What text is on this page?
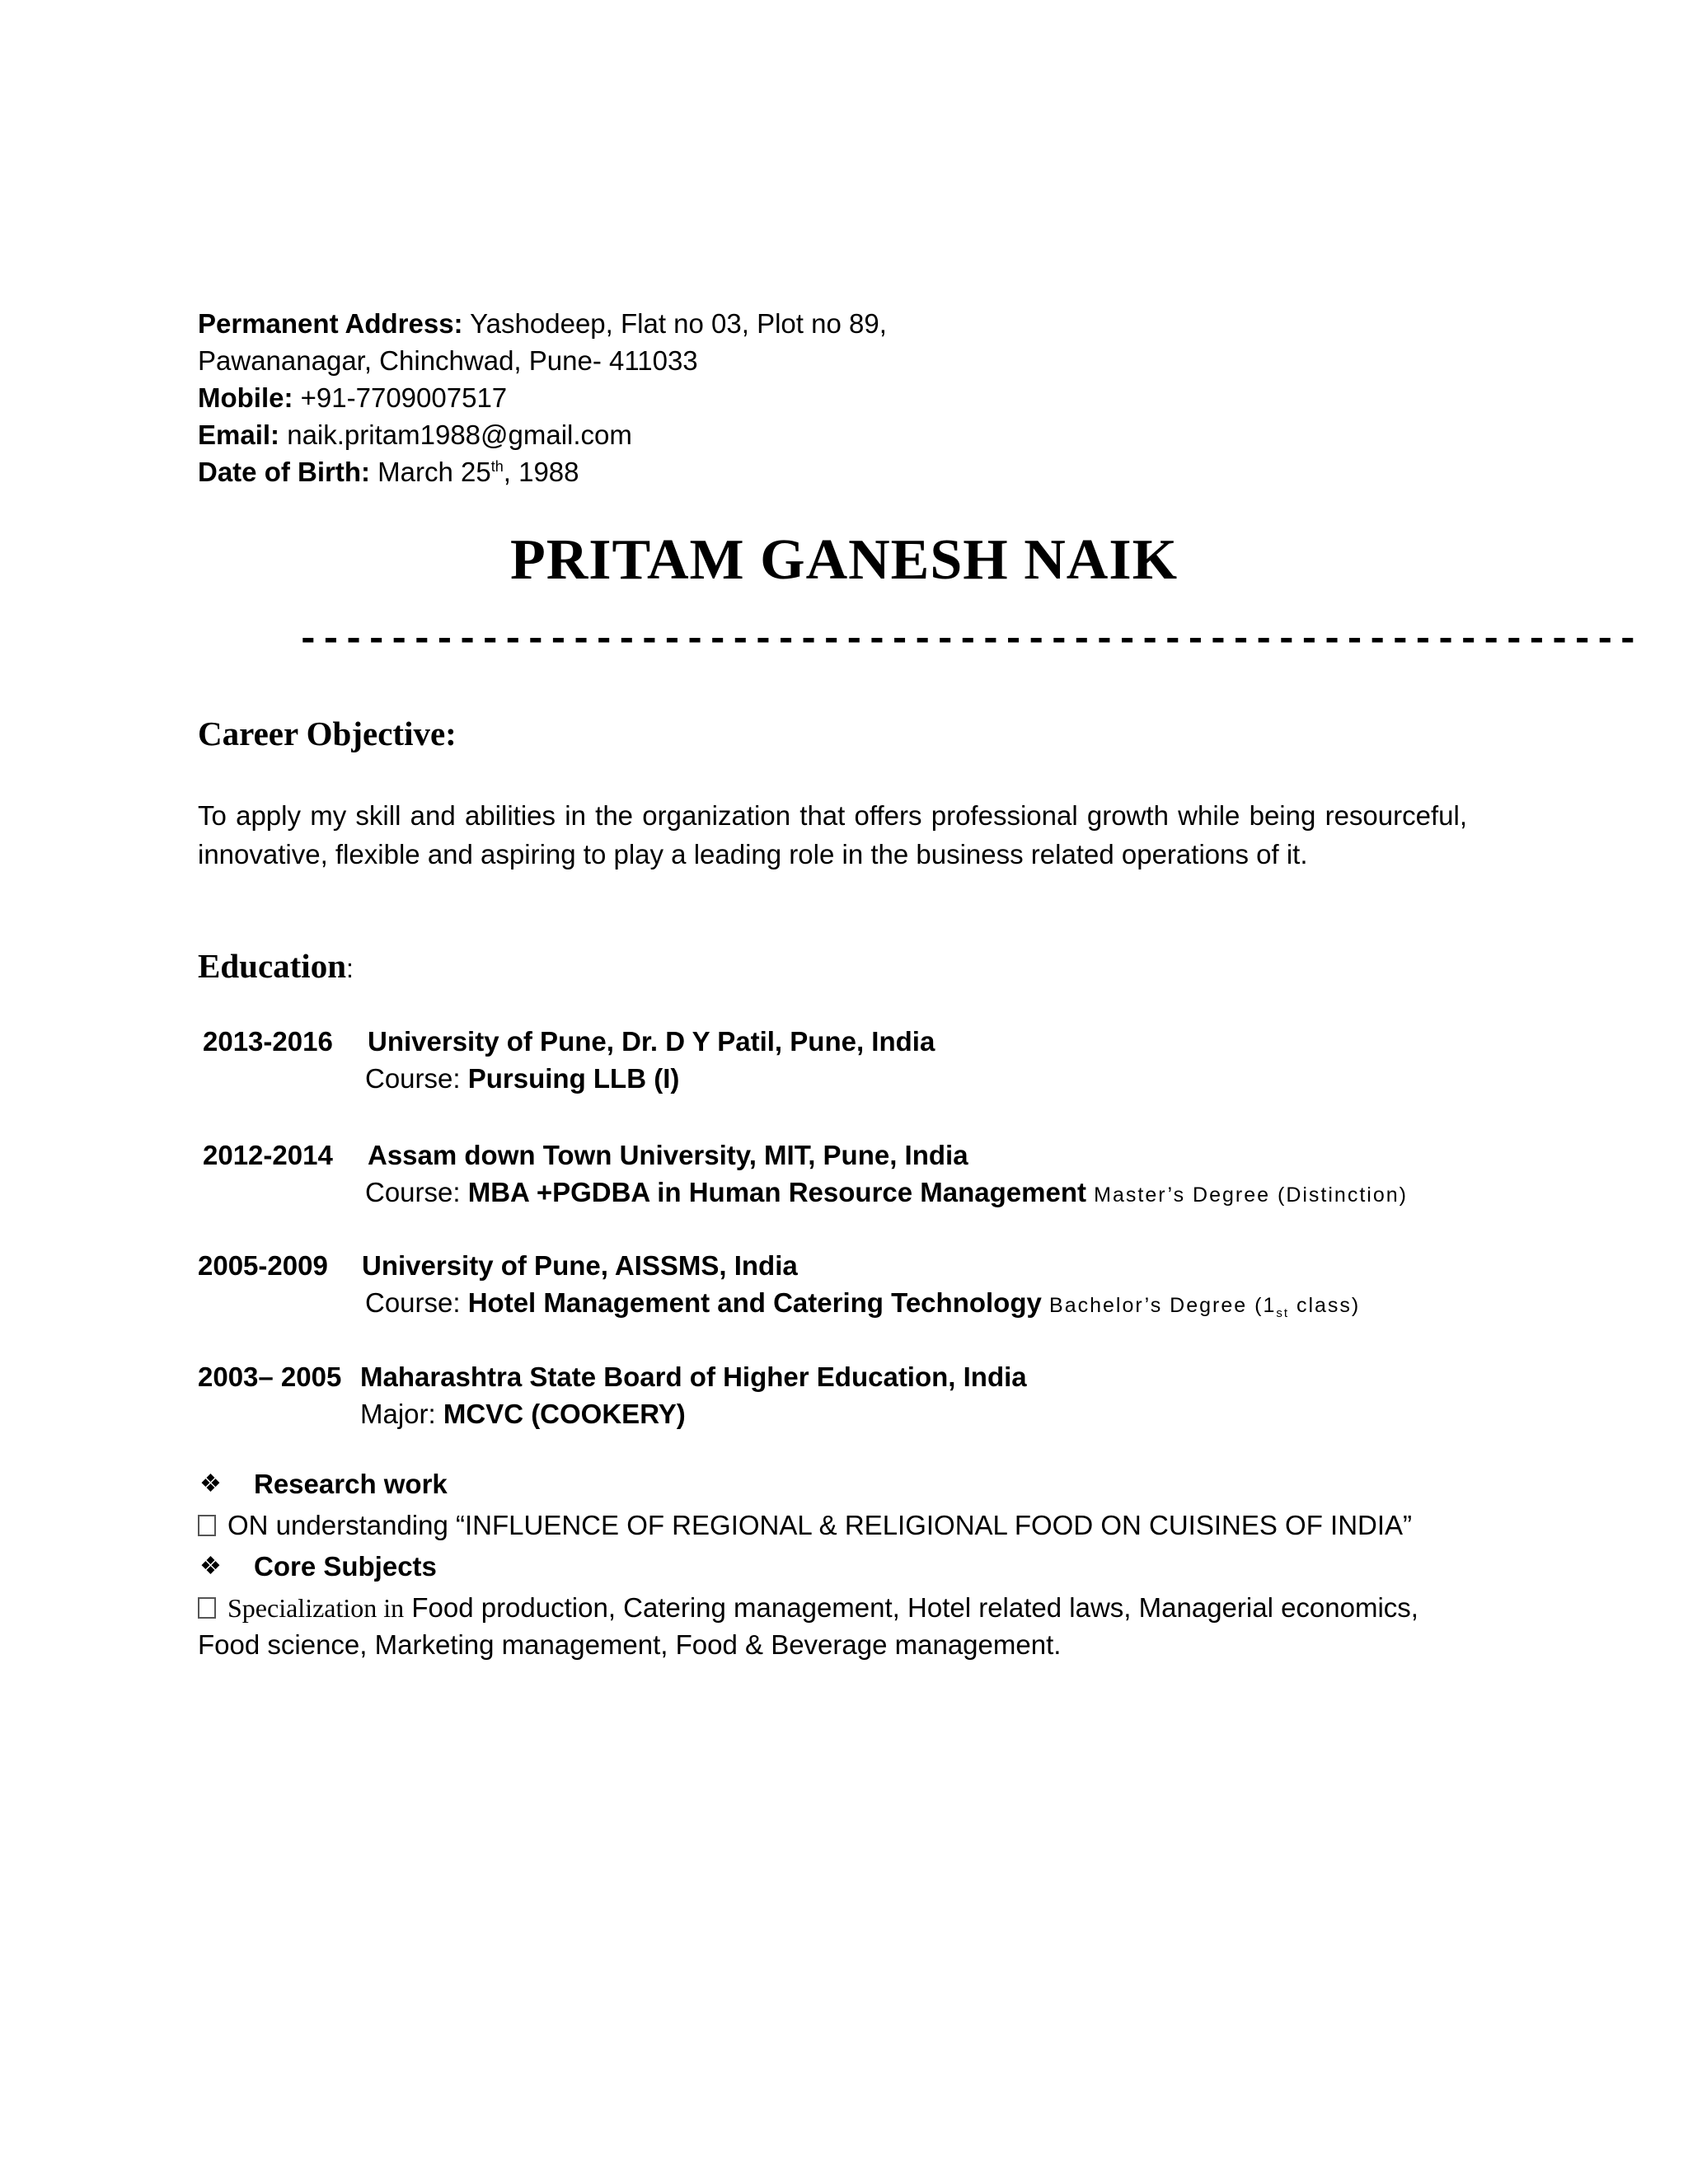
Permanent Address: Yashodeep, Flat no 03, Plot no 89,
Pawananagar, Chinchwad, Pune- 411033
Mobile: +91-7709007517
Email: naik.pritam1988@gmail.com
Date of Birth: March 25th, 1988
PRITAM GANESH NAIK
-----------------------------------------------------------
Career Objective:
To apply my skill and abilities in the organization that offers professional growth while being resourceful, innovative, flexible and aspiring to play a leading role in the business related operations of it.
Education:
2013-2016 University of Pune, Dr. D Y Patil, Pune, India
Course: Pursuing LLB (I)
2012-2014 Assam down Town University, MIT, Pune, India
Course: MBA +PGDBA in Human Resource Management Master’s Degree (Distinction)
2005-2009 University of Pune, AISSMS, India
Course: Hotel Management and Catering Technology Bachelor’s Degree ($1_{st}$ class)
2003– 2005 Maharashtra State Board of Higher Education, India
Major: MCVC (COOKERY)
❖ Research work
ON understanding “INFLUENCE OF REGIONAL & RELIGIONAL FOOD ON CUISINES OF INDIA”
❖ Core Subjects
Specialization in Food production, Catering management, Hotel related laws, Managerial economics,
Food science, Marketing management, Food & Beverage management.
